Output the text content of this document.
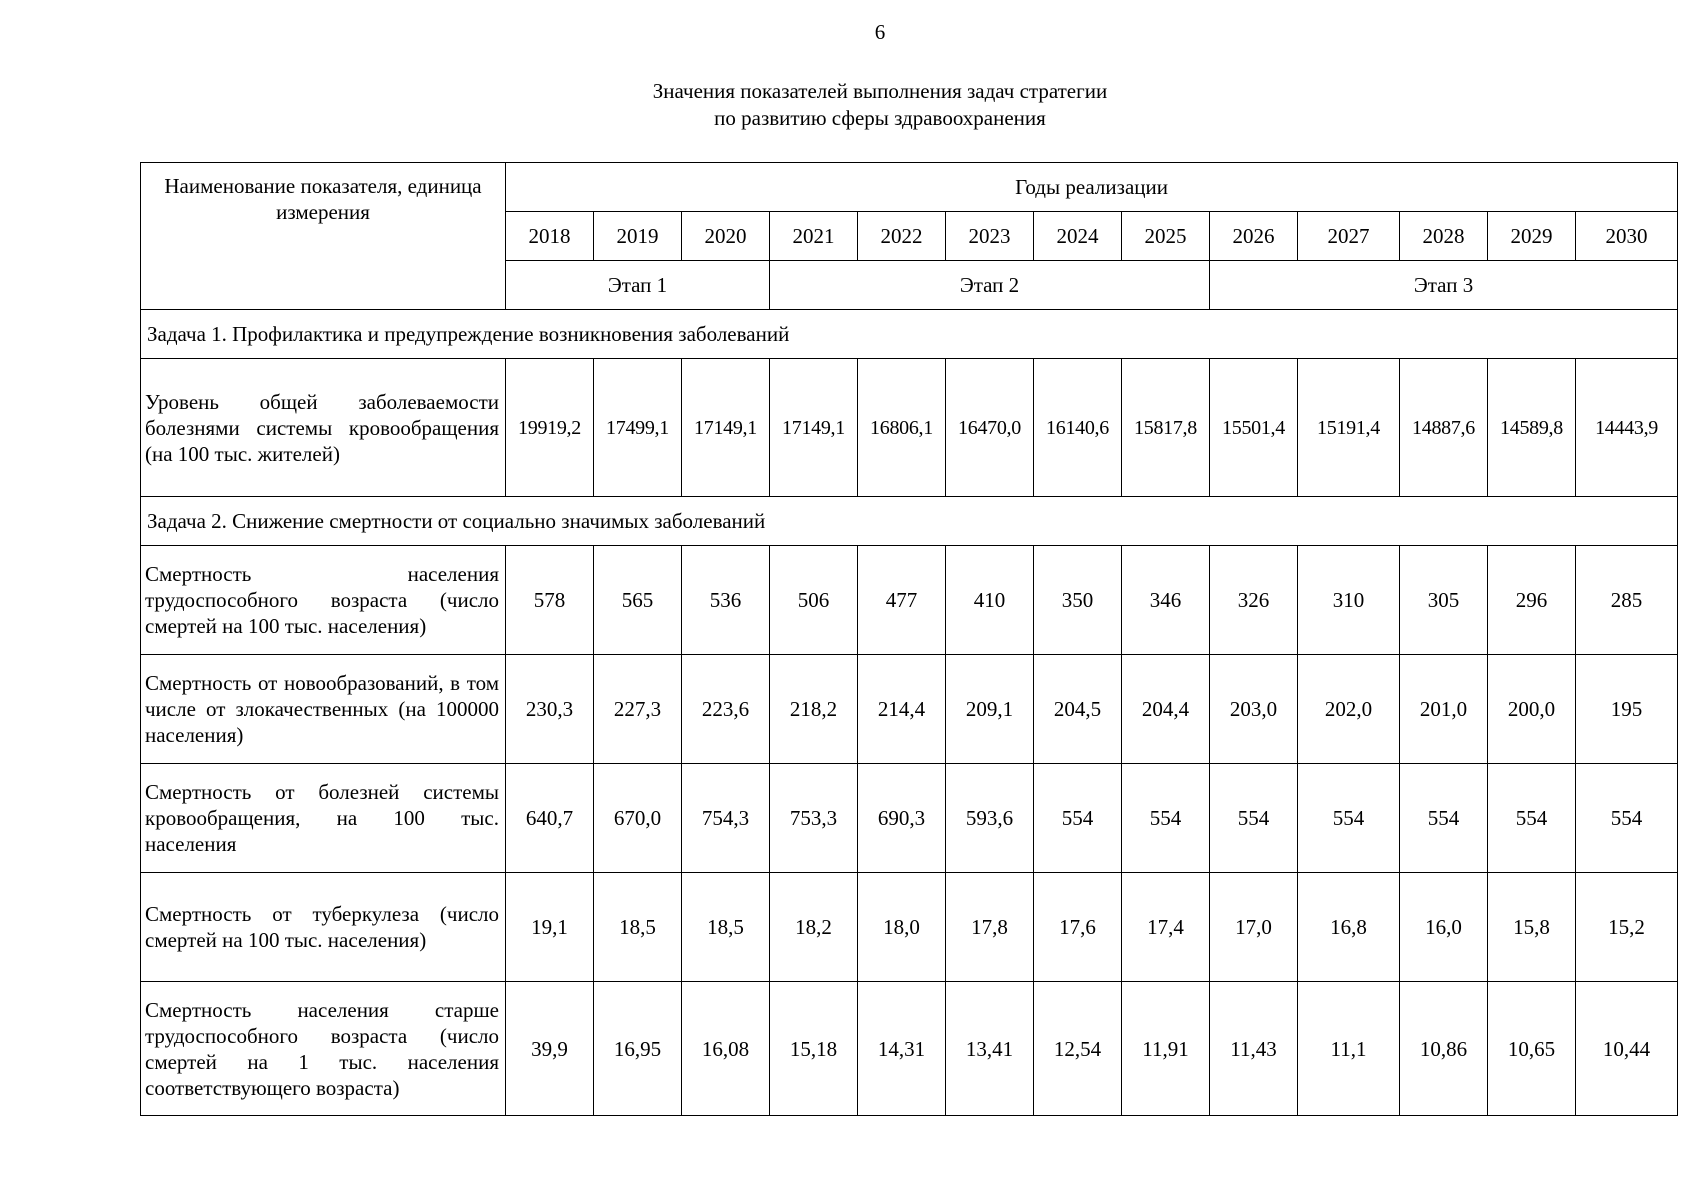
6
Значения показателей выполнения задач стратегии
по развитию сферы здравоохранения
Наименование показателя, единица измерения	Годы реализации												
	2018	2019	2020	2021	2022	2023	2024	2025	2026	2027	2028	2029	2030
	Этап 1			Этап 2					Этап 3				
Задача 1. Профилактика и предупреждение возникновения заболеваний													
Уровень общей заболеваемости болезнями системы кровообращения (на 100 тыс. жителей)	19919,2	17499,1	17149,1	17149,1	16806,1	16470,0	16140,6	15817,8	15501,4	15191,4	14887,6	14589,8	14443,9
Задача 2. Снижение смертности от социально значимых заболеваний													
Смертность населения трудоспособного возраста (число смертей на 100 тыс. населения)	578	565	536	506	477	410	350	346	326	310	305	296	285
Смертность от новообразований, в том числе от злокачественных (на 100000 населения)	230,3	227,3	223,6	218,2	214,4	209,1	204,5	204,4	203,0	202,0	201,0	200,0	195
Смертность от болезней системы кровообращения, на 100 тыс. населения	640,7	670,0	754,3	753,3	690,3	593,6	554	554	554	554	554	554	554
Смертность от туберкулеза (число смертей на 100 тыс. населения)	19,1	18,5	18,5	18,2	18,0	17,8	17,6	17,4	17,0	16,8	16,0	15,8	15,2
Смертность населения старше трудоспособного возраста (число смертей на 1 тыс. населения соответствующего возраста)	39,9	16,95	16,08	15,18	14,31	13,41	12,54	11,91	11,43	11,1	10,86	10,65	10,44
